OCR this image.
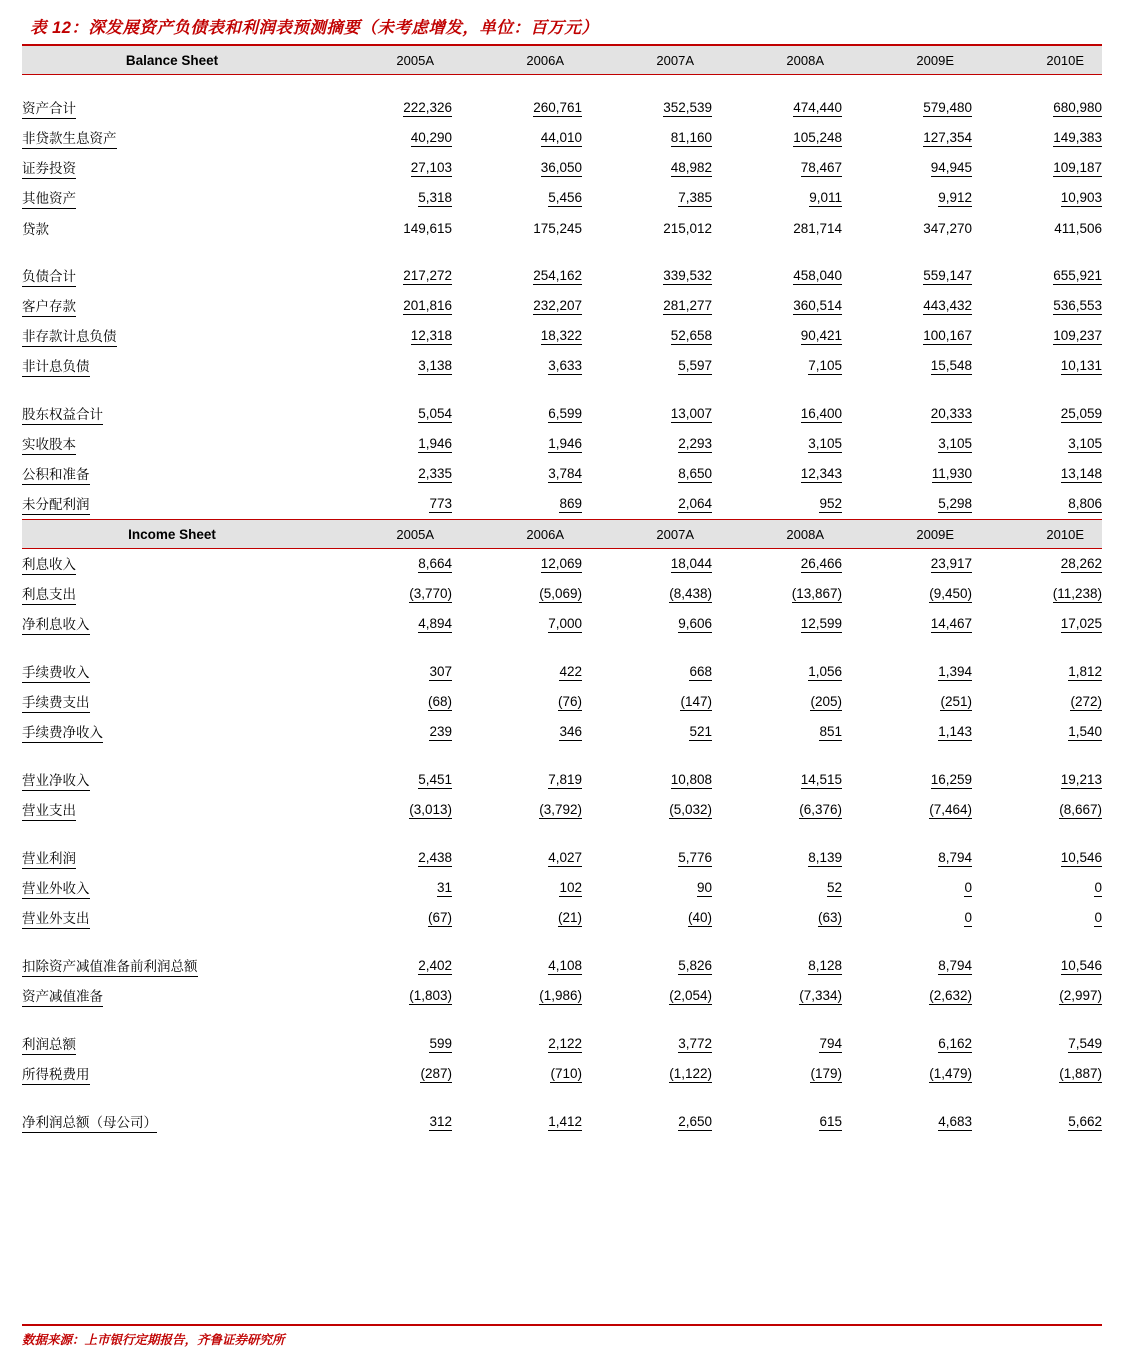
表 12：深发展资产负债表和利润表预测摘要（未考虑增发，单位：百万元）

Balance Sheet	2005A	2006A	2007A	2008A	2009E	2010E

资产合计	222,326	260,761	352,539	474,440	579,480	680,980
非贷款生息资产	40,290	44,010	81,160	105,248	127,354	149,383
证券投资	27,103	36,050	48,982	78,467	94,945	109,187
其他资产	5,318	5,456	7,385	9,011	9,912	10,903
贷款	149,615	175,245	215,012	281,714	347,270	411,506

负债合计	217,272	254,162	339,532	458,040	559,147	655,921
客户存款	201,816	232,207	281,277	360,514	443,432	536,553
非存款计息负债	12,318	18,322	52,658	90,421	100,167	109,237
非计息负债	3,138	3,633	5,597	7,105	15,548	10,131

股东权益合计	5,054	6,599	13,007	16,400	20,333	25,059
实收股本	1,946	1,946	2,293	3,105	3,105	3,105
公积和准备	2,335	3,784	8,650	12,343	11,930	13,148
未分配利润	773	869	2,064	952	5,298	8,806

Income Sheet	2005A	2006A	2007A	2008A	2009E	2010E

利息收入	8,664	12,069	18,044	26,466	23,917	28,262
利息支出	(3,770)	(5,069)	(8,438)	(13,867)	(9,450)	(11,238)
净利息收入	4,894	7,000	9,606	12,599	14,467	17,025

手续费收入	307	422	668	1,056	1,394	1,812
手续费支出	(68)	(76)	(147)	(205)	(251)	(272)
手续费净收入	239	346	521	851	1,143	1,540

营业净收入	5,451	7,819	10,808	14,515	16,259	19,213
营业支出	(3,013)	(3,792)	(5,032)	(6,376)	(7,464)	(8,667)

营业利润	2,438	4,027	5,776	8,139	8,794	10,546
营业外收入	31	102	90	52	0	0
营业外支出	(67)	(21)	(40)	(63)	0	0

扣除资产减值准备前利润总额	2,402	4,108	5,826	8,128	8,794	10,546
资产减值准备	(1,803)	(1,986)	(2,054)	(7,334)	(2,632)	(2,997)

利润总额	599	2,122	3,772	794	6,162	7,549
所得税费用	(287)	(710)	(1,122)	(179)	(1,479)	(1,887)

净利润总额（母公司）	312	1,412	2,650	615	4,683	5,662
数据来源：上市银行定期报告，齐鲁证券研究所
